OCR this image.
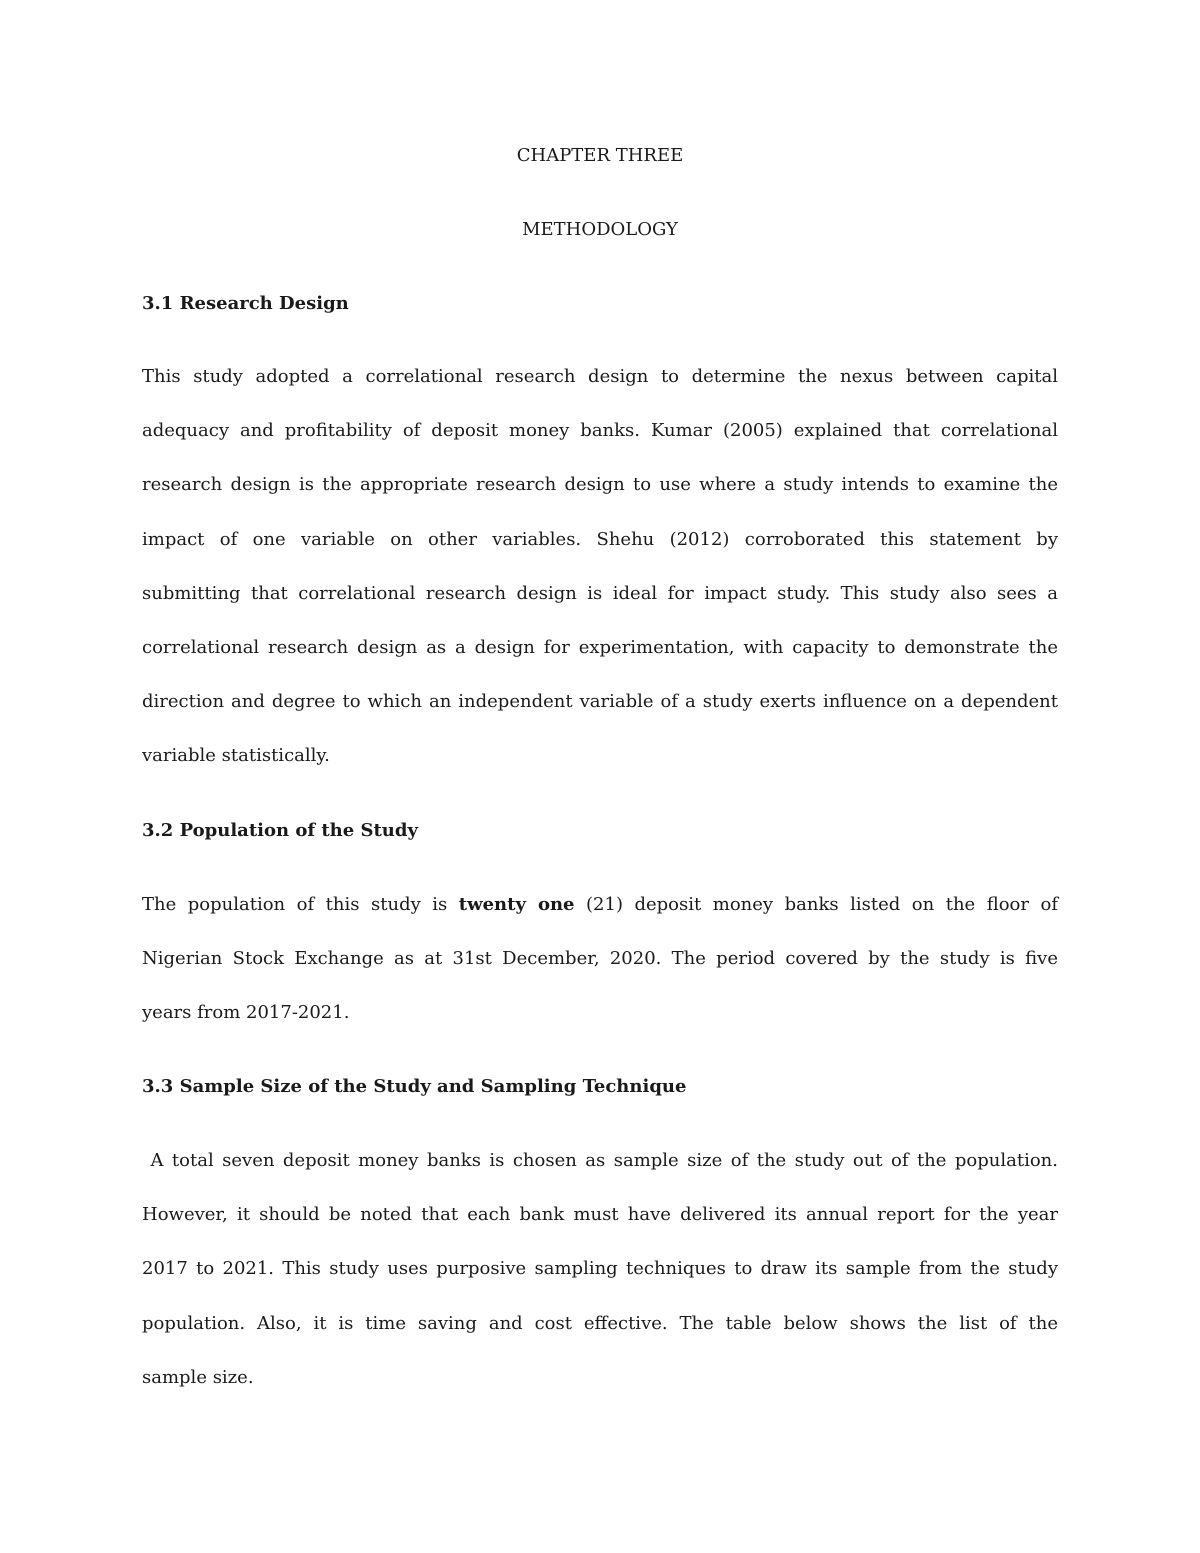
CHAPTER THREE
METHODOLOGY
3.1 Research Design
This study adopted a correlational research design to determine the nexus between capital
adequacy and profitability of deposit money banks. Kumar (2005) explained that correlational
research design is the appropriate research design to use where a study intends to examine the
impact of one variable on other variables. Shehu (2012) corroborated this statement by
submitting that correlational research design is ideal for impact study. This study also sees a
correlational research design as a design for experimentation, with capacity to demonstrate the
direction and degree to which an independent variable of a study exerts influence on a dependent
variable statistically.
3.2 Population of the Study
The population of this study is twenty one (21) deposit money banks listed on the floor of
Nigerian Stock Exchange as at 31st December, 2020. The period covered by the study is five
years from 2017-2021.
3.3 Sample Size of the Study and Sampling Technique
A total seven deposit money banks is chosen as sample size of the study out of the population.
However, it should be noted that each bank must have delivered its annual report for the year
2017 to 2021. This study uses purposive sampling techniques to draw its sample from the study
population. Also, it is time saving and cost effective. The table below shows the list of the
sample size.
